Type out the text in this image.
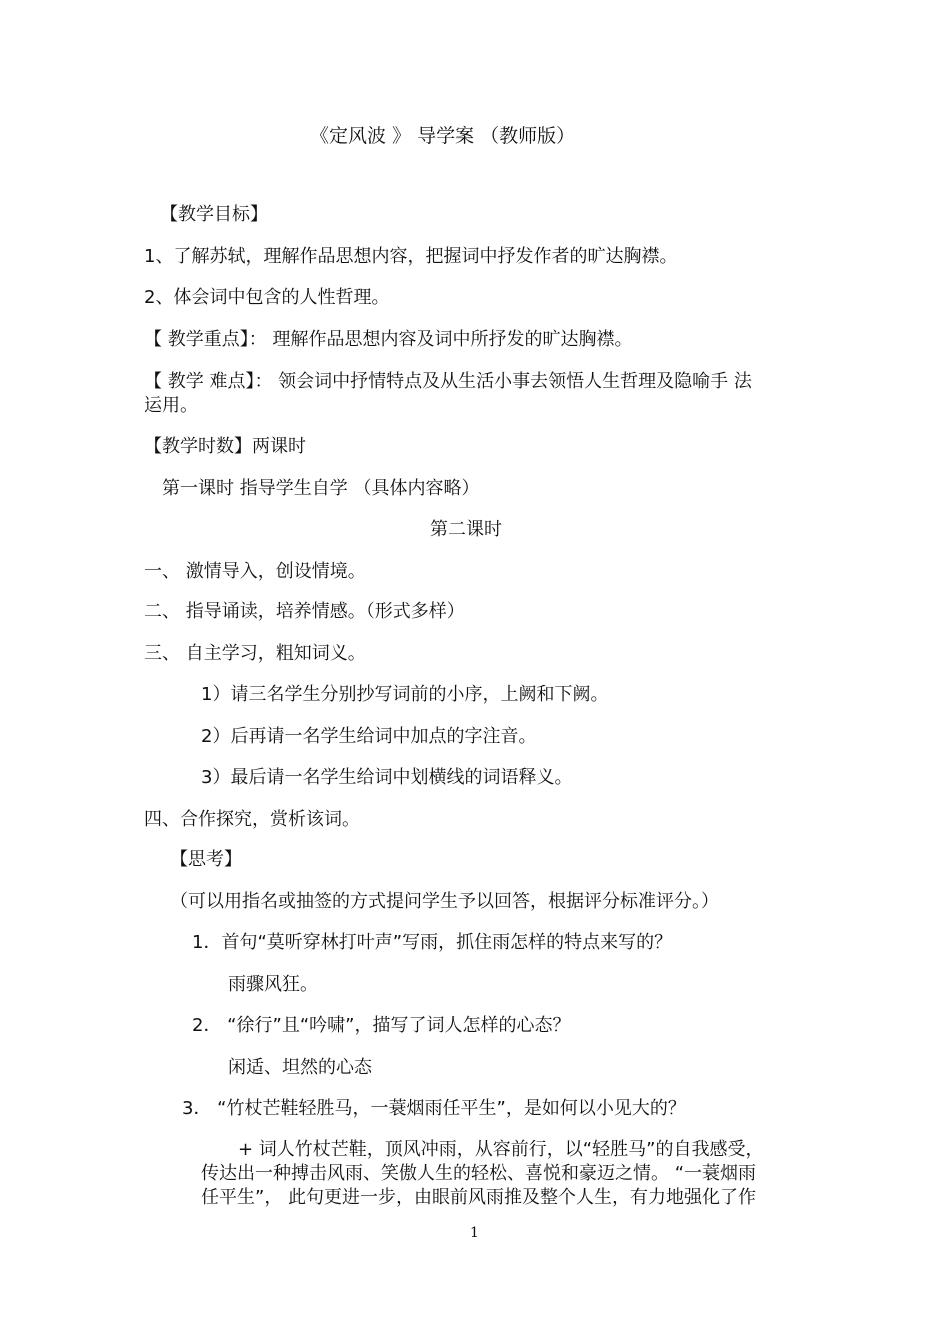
《定风波 》 导学案 （教师版）
【教学目标】
1、了解苏轼，理解作品思想内容，把握词中抒发作者的旷达胸襟。
2、体会词中包含的人性哲理。
【 教学重点】： 理解作品思想内容及词中所抒发的旷达胸襟。
【 教学 难点】： 领会词中抒情特点及从生活小事去领悟人生哲理及隐喻手 法
运用。
【教学时数】两课时
第一课时 指导学生自学 （具体内容略）
第二课时
一、 激情导入，创设情境。
二、 指导诵读，培养情感。（形式多样）
三、 自主学习，粗知词义。
1）请三名学生分别抄写词前的小序，上阙和下阙。
2）后再请一名学生给词中加点的字注音。
3）最后请一名学生给词中划横线的词语释义。
四、合作探究，赏析该词。
【思考】
（可以用指名或抽签的方式提问学生予以回答，根据评分标准评分。）
1．首句“莫听穿林打叶声”写雨，抓住雨怎样的特点来写的？
雨骤风狂。
2． “徐行”且“吟啸”，描写了词人怎样的心态？
闲适、坦然的心态
3． “竹杖芒鞋轻胜马，一蓑烟雨任平生”，是如何以小见大的？
+ 词人竹杖芒鞋，顶风冲雨，从容前行，以“轻胜马”的自我感受，
传达出一种搏击风雨、笑傲人生的轻松、喜悦和豪迈之情。 “一蓑烟雨
任平生”， 此句更进一步，由眼前风雨推及整个人生，有力地强化了作
1
